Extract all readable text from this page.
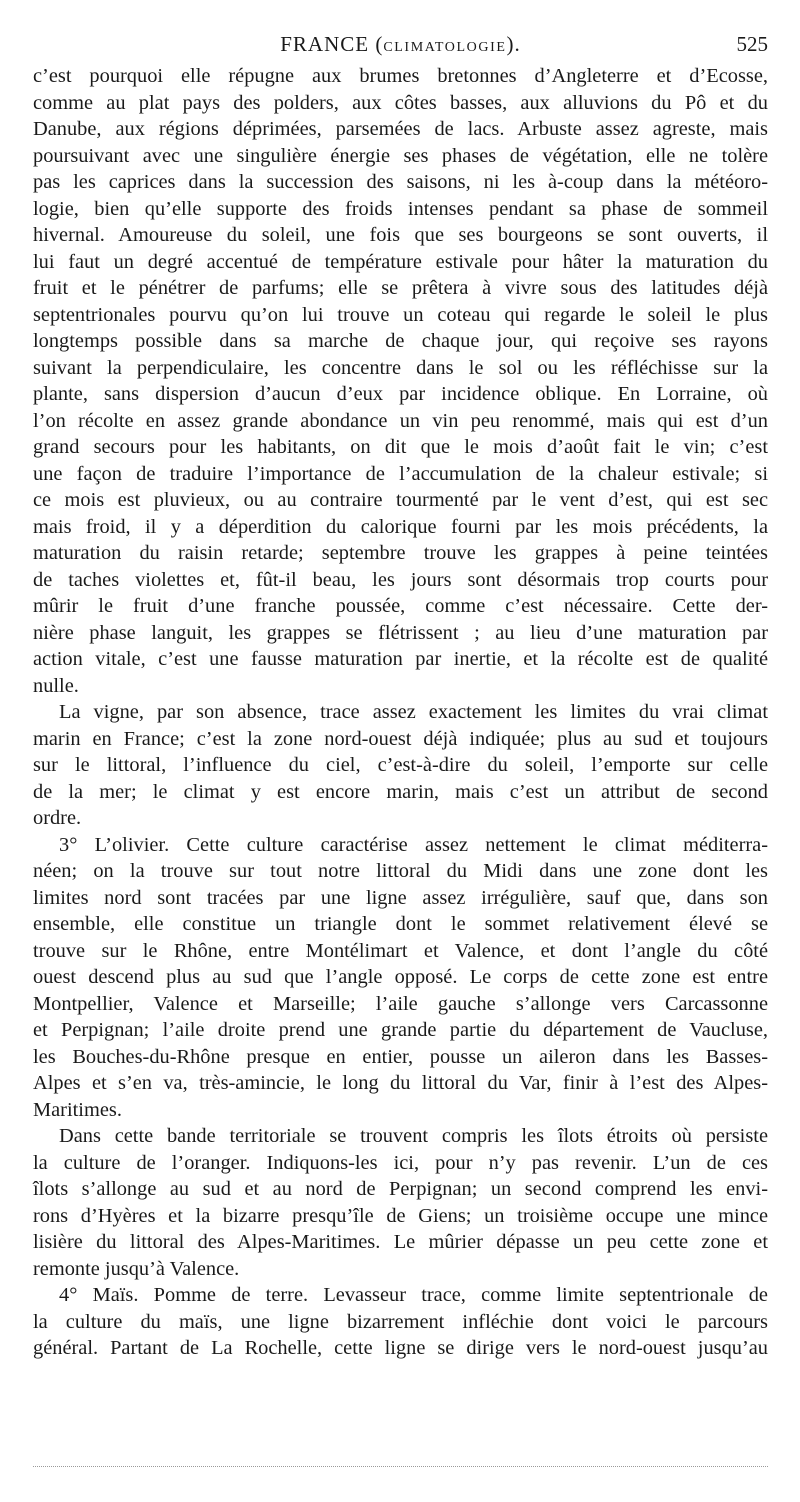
FRANCE (CLIMATOLOGIE).	525
c’est pourquoi elle répugne aux brumes bretonnes d’Angleterre et d’Ecosse,
comme au plat pays des polders, aux côtes basses, aux alluvions du Pô et du
Danube, aux régions déprimées, parsemées de lacs. Arbuste assez agreste, mais
poursuivant avec une singulière énergie ses phases de végétation, elle ne tolère
pas les caprices dans la succession des saisons, ni les à-coup dans la météoro-
logie, bien qu’elle supporte des froids intenses pendant sa phase de sommeil
hivernal. Amoureuse du soleil, une fois que ses bourgeons se sont ouverts, il
lui faut un degré accentué de température estivale pour hâter la maturation du
fruit et le pénétrer de parfums; elle se prêtera à vivre sous des latitudes déjà
septentrionales pourvu qu’on lui trouve un coteau qui regarde le soleil le plus
longtemps possible dans sa marche de chaque jour, qui reçoive ses rayons
suivant la perpendiculaire, les concentre dans le sol ou les réfléchisse sur la
plante, sans dispersion d’aucun d’eux par incidence oblique. En Lorraine, où
l’on récolte en assez grande abondance un vin peu renommé, mais qui est d’un
grand secours pour les habitants, on dit que le mois d’août fait le vin; c’est
une façon de traduire l’importance de l’accumulation de la chaleur estivale; si
ce mois est pluvieux, ou au contraire tourmenté par le vent d’est, qui est sec
mais froid, il y a déperdition du calorique fourni par les mois précédents, la
maturation du raisin retarde; septembre trouve les grappes à peine teintées
de taches violettes et, fût-il beau, les jours sont désormais trop courts pour
mûrir le fruit d’une franche poussée, comme c’est nécessaire. Cette der-
nière phase languit, les grappes se flétrissent ; au lieu d’une maturation par
action vitale, c’est une fausse maturation par inertie, et la récolte est de qualité
nulle.
La vigne, par son absence, trace assez exactement les limites du vrai climat
marin en France; c’est la zone nord-ouest déjà indiquée; plus au sud et toujours
sur le littoral, l’influence du ciel, c’est-à-dire du soleil, l’emporte sur celle
de la mer; le climat y est encore marin, mais c’est un attribut de second
ordre.
3° L’olivier. Cette culture caractérise assez nettement le climat méditerra-
néen; on la trouve sur tout notre littoral du Midi dans une zone dont les
limites nord sont tracées par une ligne assez irrégulière, sauf que, dans son
ensemble, elle constitue un triangle dont le sommet relativement élevé se
trouve sur le Rhône, entre Montélimart et Valence, et dont l’angle du côté
ouest descend plus au sud que l’angle opposé. Le corps de cette zone est entre
Montpellier, Valence et Marseille; l’aile gauche s’allonge vers Carcassonne
et Perpignan; l’aile droite prend une grande partie du département de Vaucluse,
les Bouches-du-Rhône presque en entier, pousse un aileron dans les Basses-
Alpes et s’en va, très-amincie, le long du littoral du Var, finir à l’est des Alpes-
Maritimes.
Dans cette bande territoriale se trouvent compris les îlots étroits où persiste
la culture de l’oranger. Indiquons-les ici, pour n’y pas revenir. L’un de ces
îlots s’allonge au sud et au nord de Perpignan; un second comprend les envi-
rons d’Hyères et la bizarre presqu’île de Giens; un troisième occupe une mince
lisière du littoral des Alpes-Maritimes. Le mûrier dépasse un peu cette zone et
remonte jusqu’à Valence.
4° Maïs. Pomme de terre. Levasseur trace, comme limite septentrionale de
la culture du maïs, une ligne bizarrement infléchie dont voici le parcours
général. Partant de La Rochelle, cette ligne se dirige vers le nord-ouest jusqu’au
